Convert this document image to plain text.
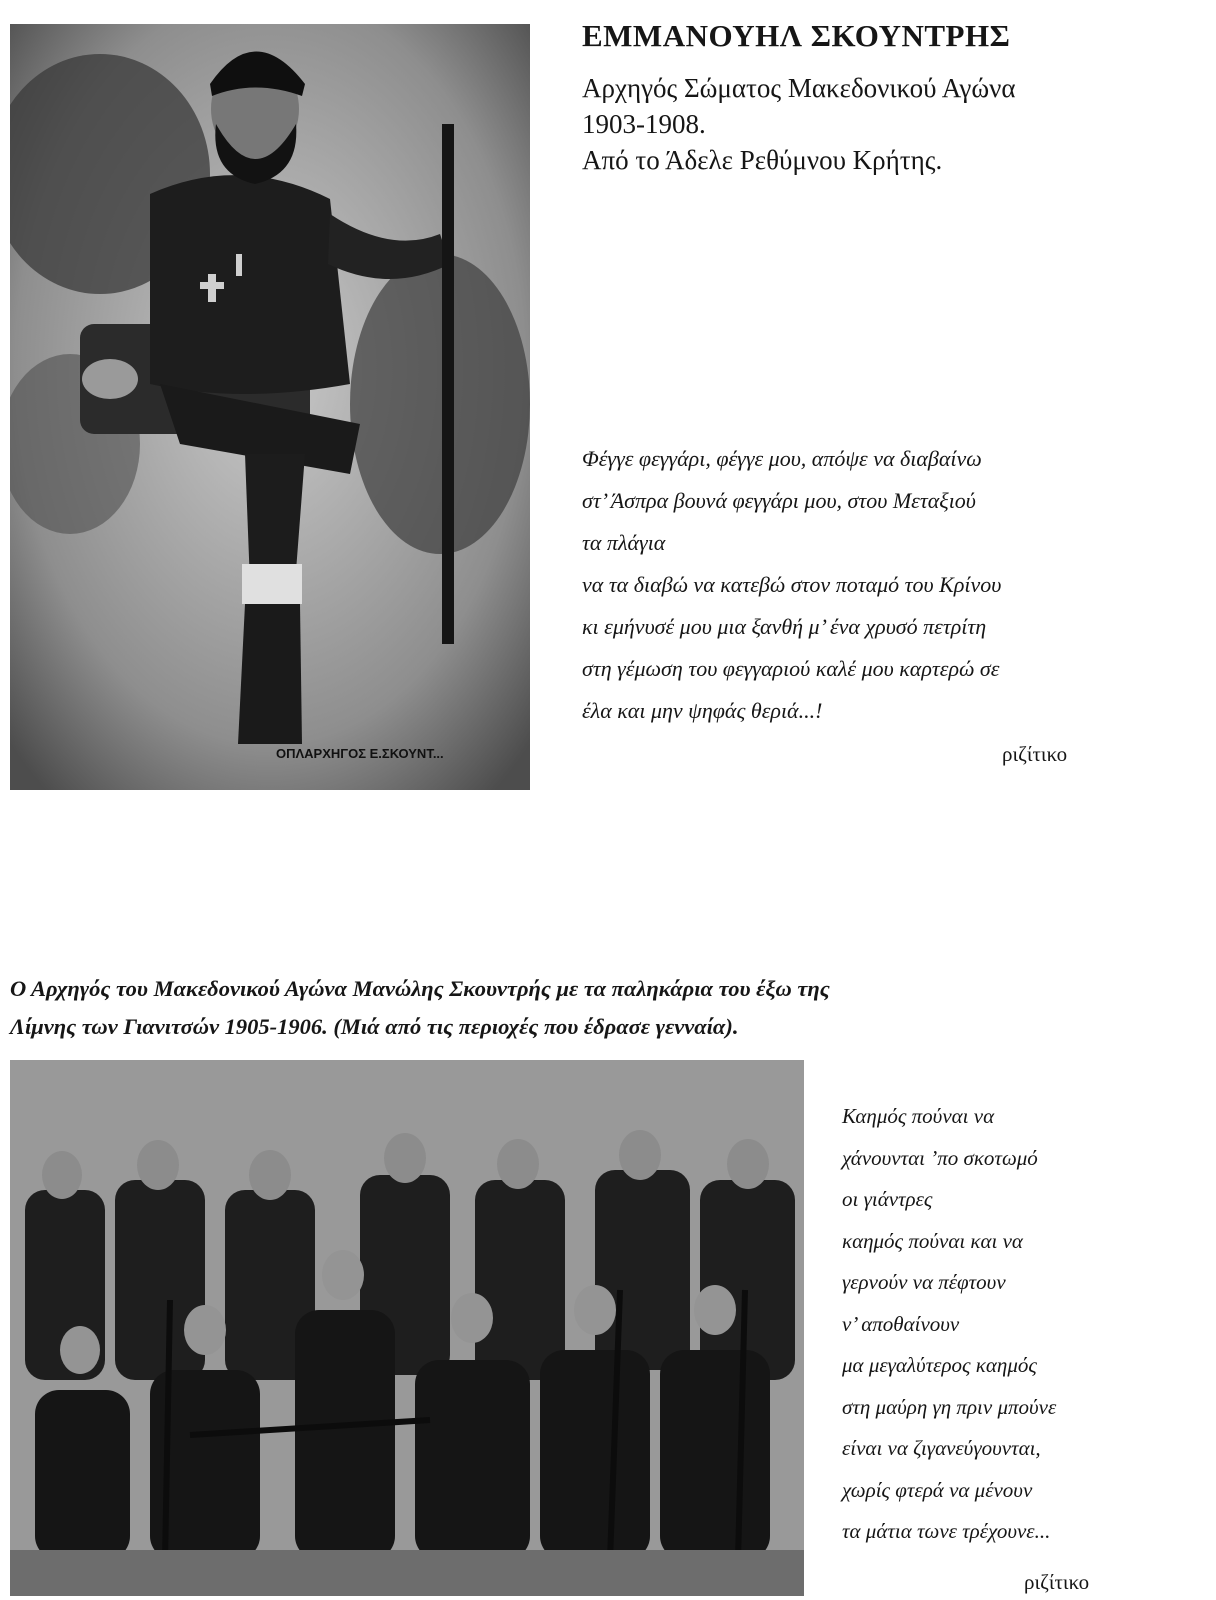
ΟΠΛΑΡΧΗΓΟΣ Ε.ΣΚΟΥΝΤ...
ΕΜΜΑΝΟΥΗΛ ΣΚΟΥΝΤΡΗΣ
Αρχηγός Σώματος Μακεδονικού Αγώνα
1903-1908.
Από το Άδελε Ρεθύμνου Κρήτης.
Φέγγε φεγγάρι, φέγγε μου, απόψε να διαβαίνω
στ’ Άσπρα βουνά φεγγάρι μου, στου Μεταξιού
τα πλάγια
να τα διαβώ να κατεβώ στον ποταμό του Κρίνου
κι εμήνυσέ μου μια ξανθή μ’ ένα χρυσό πετρίτη
στη γέμωση του φεγγαριού καλέ μου καρτερώ σε
έλα και μην ψηφάς θεριά...!
ριζίτικο
Ο Αρχηγός του Μακεδονικού Αγώνα Μανώλης Σκουντρής με τα παληκάρια του έξω της
Λίμνης των Γιανιτσών 1905-1906. (Μιά από τις περιοχές που έδρασε γενναία).
Καημός πούναι να
χάνουνται ’πο σκοτωμό
οι γιάντρες
καημός πούναι και να
γερνούν να πέφτουν
ν’ αποθαίνουν
μα μεγαλύτερος καημός
στη μαύρη γη πριν μπούνε
είναι να ζιγανεύγουνται,
χωρίς φτερά να μένουν
τα μάτια τωνε τρέχουνε...
ριζίτικο
